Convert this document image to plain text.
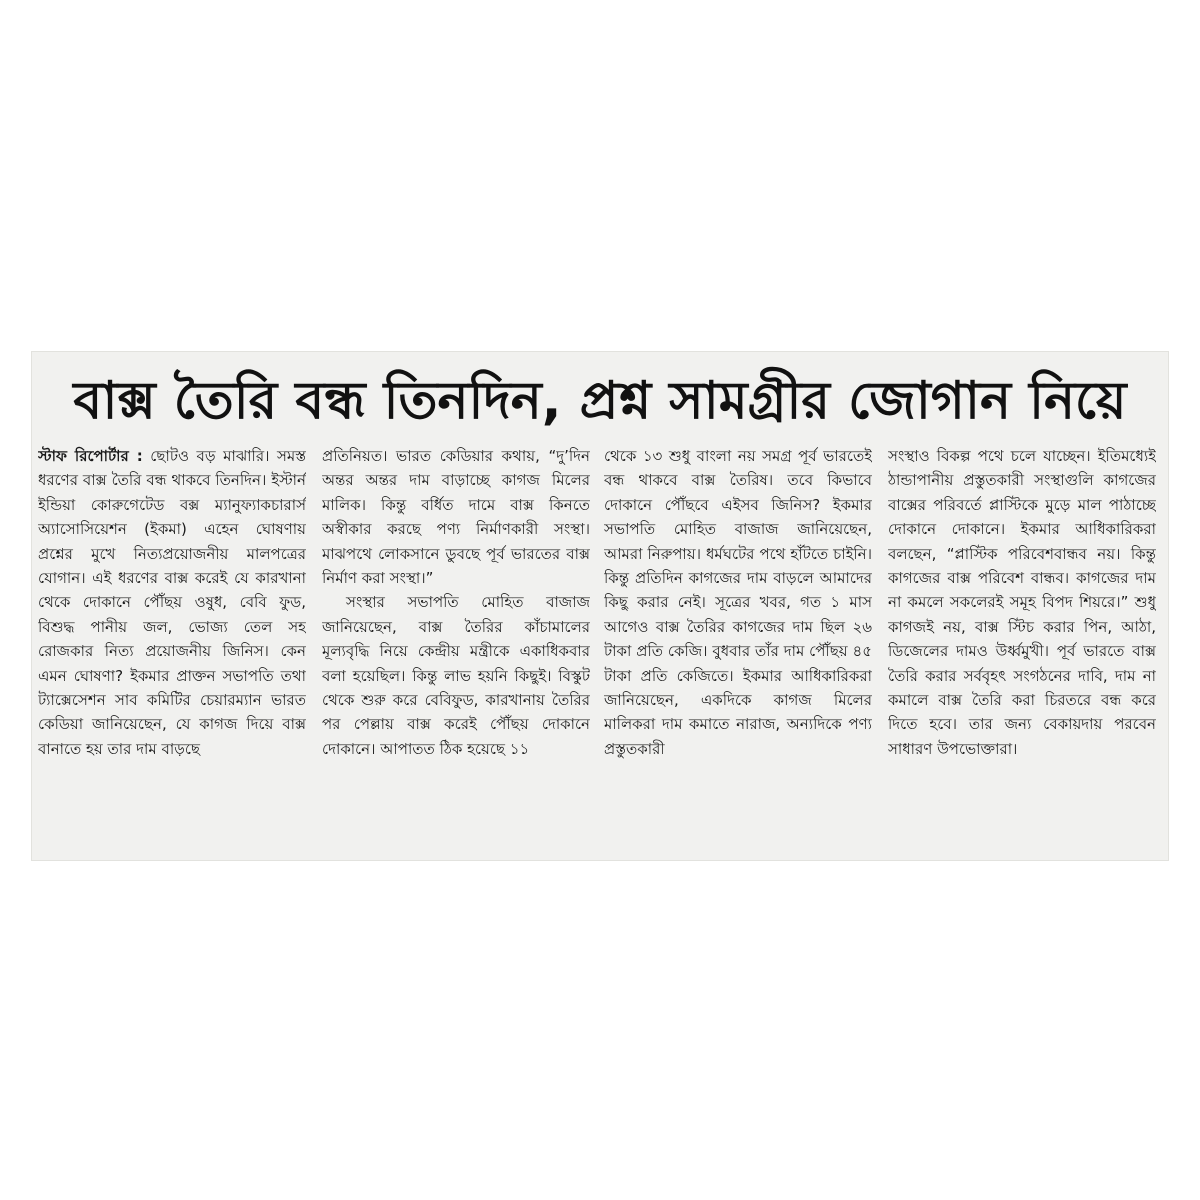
বাক্স তৈরি বন্ধ তিনদিন, প্রশ্ন সামগ্রীর জোগান নিয়ে

স্টাফ রিপোর্টার : ছোটও বড় মাঝারি। সমস্ত ধরণের বাক্স তৈরি বন্ধ থাকবে তিনদিন। ইস্টার্ন ইন্ডিয়া কোরুগেটেড বক্স ম্যানুফ্যাকচারার্স অ্যাসোসিয়েশন (ইকমা) এহেন ঘোষণায় প্রশ্নের মুখে নিত্যপ্রয়োজনীয় মালপত্রের যোগান। এই ধরণের বাক্স করেই যে কারখানা থেকে দোকানে পৌঁছয় ওষুধ, বেবি ফুড, বিশুদ্ধ পানীয় জল, ভোজ্য তেল সহ রোজকার নিত্য প্রয়োজনীয় জিনিস। কেন এমন ঘোষণা? ইকমার প্রাক্তন সভাপতি তথা ট্যাক্সেসেশন সাব কমিটির চেয়ারম্যান ভারত কেডিয়া জানিয়েছেন, যে কাগজ দিয়ে বাক্স বানাতে হয় তার দাম বাড়ছে

প্রতিনিয়ত। ভারত কেডিয়ার কথায়, “দু’দিন অন্তর অন্তর দাম বাড়াচ্ছে কাগজ মিলের মালিক। কিন্তু বর্ধিত দামে বাক্স কিনতে অস্বীকার করছে পণ্য নির্মাণকারী সংস্থা। মাঝপথে লোকসানে ডুবছে পূর্ব ভারতের বাক্স নির্মাণ করা সংস্থা।”

সংস্থার সভাপতি মোহিত বাজাজ জানিয়েছেন, বাক্স তৈরির কাঁচামালের মূল্যবৃদ্ধি নিয়ে কেন্দ্রীয় মন্ত্রীকে একাধিকবার বলা হয়েছিল। কিন্তু লাভ হয়নি কিছুই। বিস্কুট থেকে শুরু করে বেবিফুড, কারখানায় তৈরির পর পেল্লায় বাক্স করেই পৌঁছয় দোকানে দোকানে। আপাতত ঠিক হয়েছে ১১

থেকে ১৩ শুধু বাংলা নয় সমগ্র পূর্ব ভারতেই বন্ধ থাকবে বাক্স তৈরিষ। তবে কিভাবে দোকানে পৌঁছবে এইসব জিনিস? ইকমার সভাপতি মোহিত বাজাজ জানিয়েছেন, আমরা নিরুপায়। ধর্মঘটের পথে হাঁটতে চাইনি। কিন্তু প্রতিদিন কাগজের দাম বাড়লে আমাদের কিছু করার নেই। সূত্রের খবর, গত ১ মাস আগেও বাক্স তৈরির কাগজের দাম ছিল ২৬ টাকা প্রতি কেজি। বুধবার তাঁর দাম পৌঁছয় ৪৫ টাকা প্রতি কেজিতে। ইকমার আধিকারিকরা জানিয়েছেন, একদিকে কাগজ মিলের মালিকরা দাম কমাতে নারাজ, অন্যদিকে পণ্য প্রস্তুতকারী

সংস্থাও বিকল্প পথে চলে যাচ্ছেন। ইতিমধ্যেই ঠান্ডাপানীয় প্রস্তুতকারী সংস্থাগুলি কাগজের বাক্সের পরিবর্তে প্লাস্টিকে মুড়ে মাল পাঠাচ্ছে দোকানে দোকানে। ইকমার আধিকারিকরা বলছেন, “প্লাস্টিক পরিবেশবান্ধব নয়। কিন্তু কাগজের বাক্স পরিবেশ বান্ধব। কাগজের দাম না কমলে সকলেরই সমূহ বিপদ শিয়রে।” শুধু কাগজই নয়, বাক্স স্টিচ করার পিন, আঠা, ডিজেলের দামও উর্ধ্বমুখী। পূর্ব ভারতে বাক্স তৈরি করার সর্ববৃহৎ সংগঠনের দাবি, দাম না কমালে বাক্স তৈরি করা চিরতরে বন্ধ করে দিতে হবে। তার জন্য বেকায়দায় পরবেন সাধারণ উপভোক্তারা।
